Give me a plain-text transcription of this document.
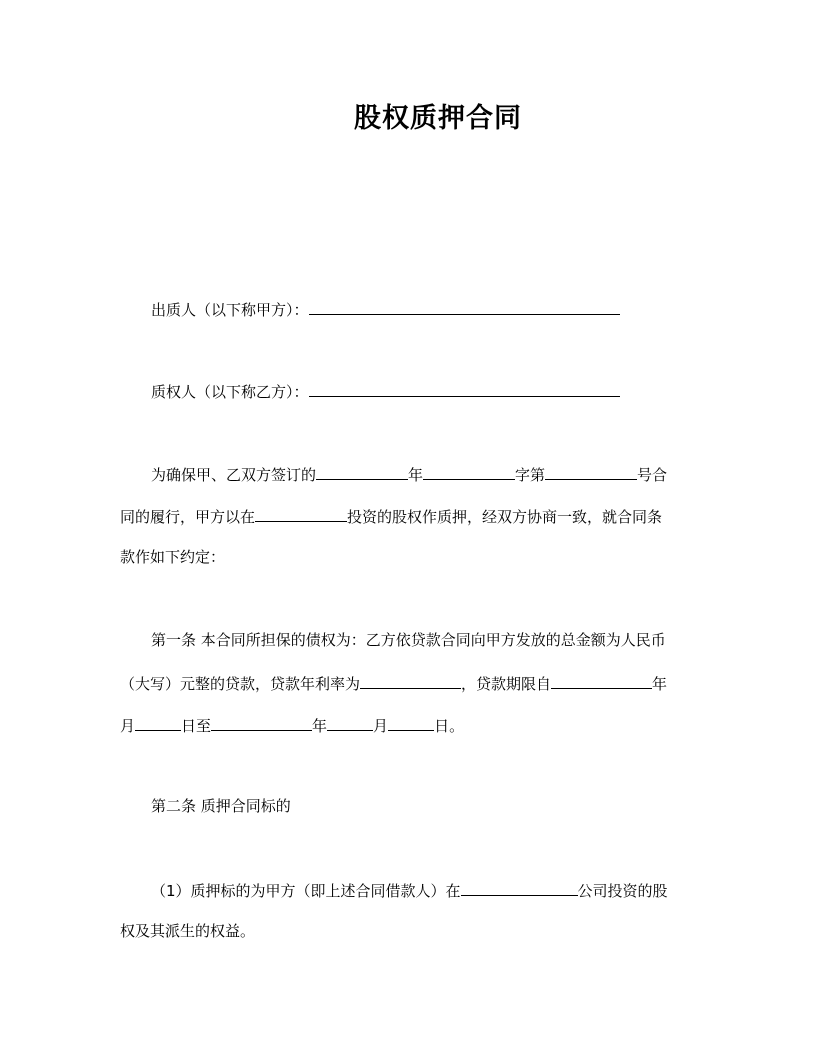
股权质押合同
出质人（以下称甲方）：
质权人（以下称乙方）：
为确保甲、乙双方签订的	年	字第	号合
同的履行，甲方以在	投资的股权作质押，经双方协商一致，就合同条
款作如下约定：
第一条 本合同所担保的债权为：乙方依贷款合同向甲方发放的总金额为人民币
（大写）元整的贷款，贷款年利率为	，贷款期限自	年
月	日至	年	月	日。
第二条 质押合同标的
（1）质押标的为甲方（即上述合同借款人）在	公司投资的股
权及其派生的权益。
